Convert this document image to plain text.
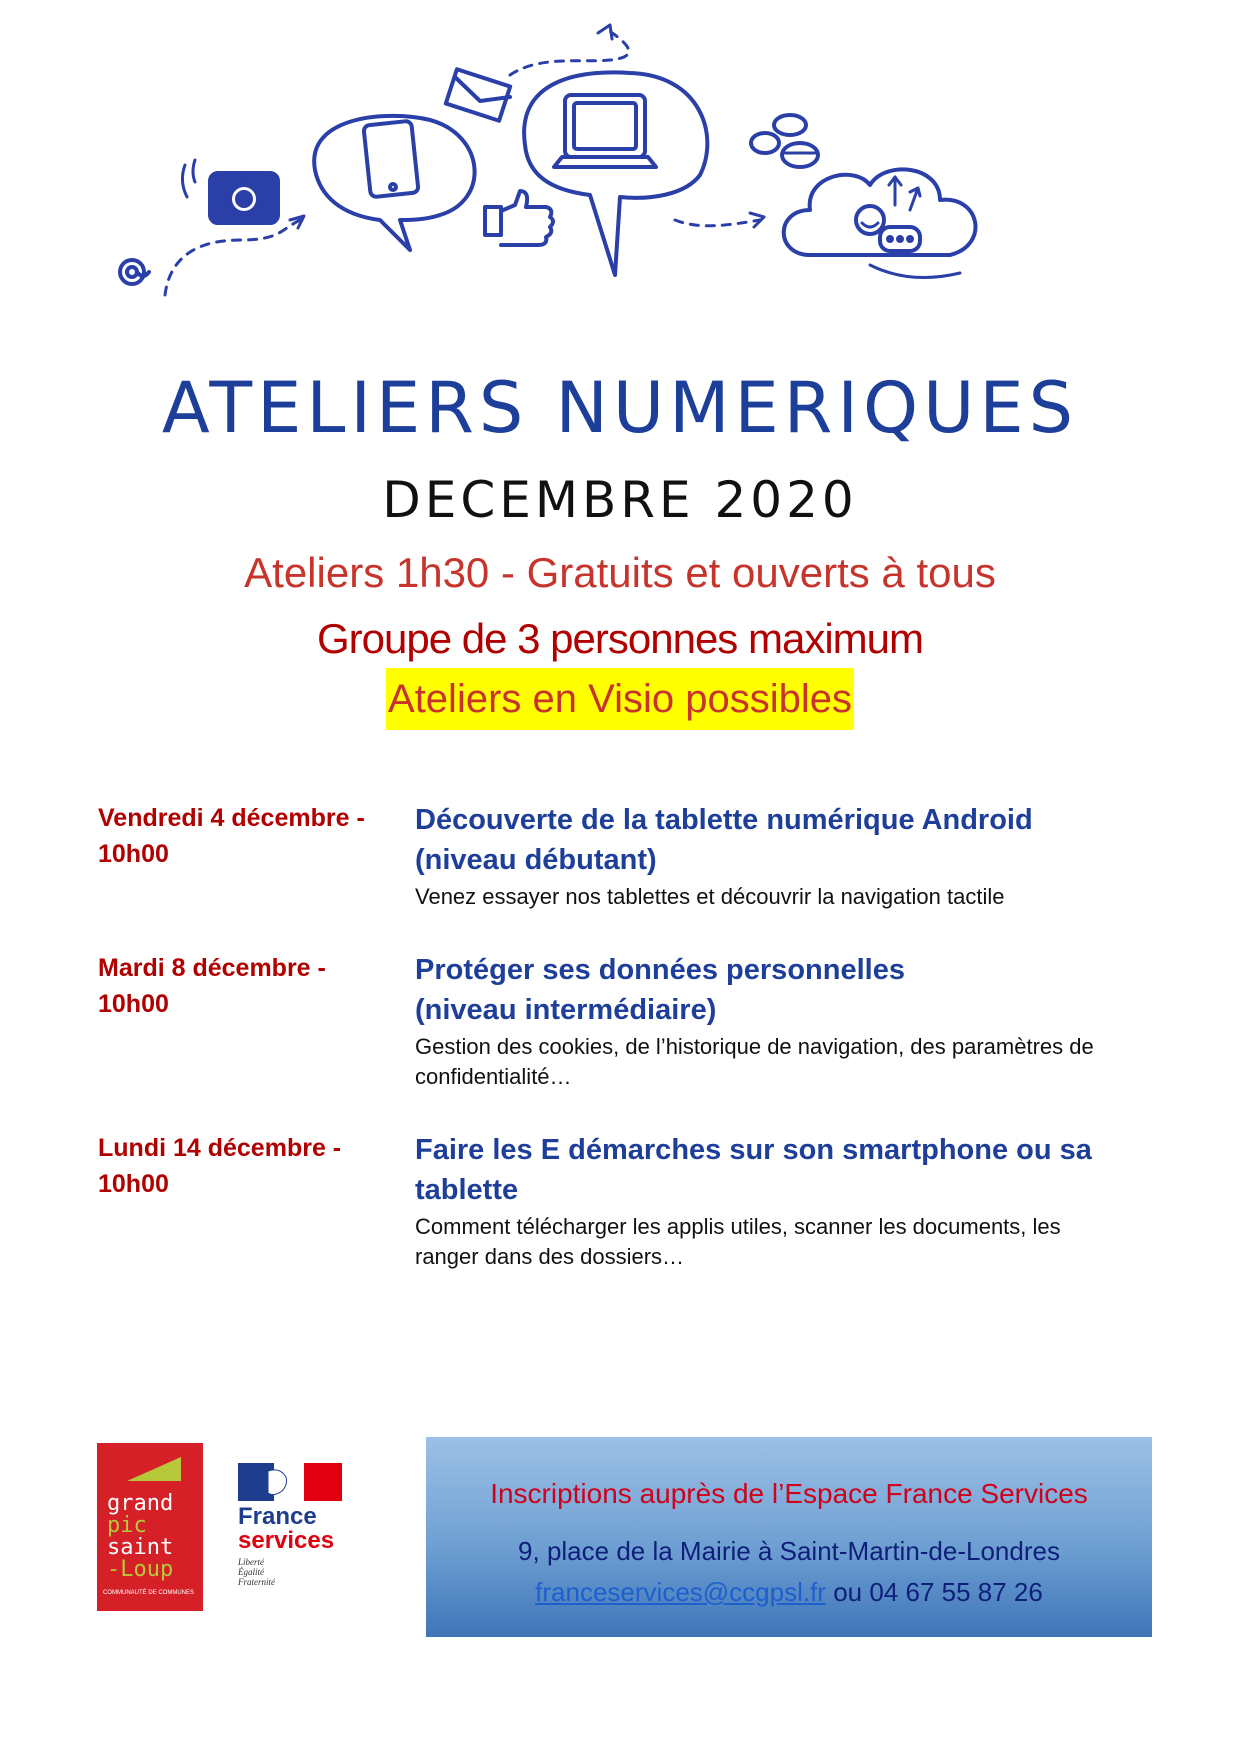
ATELIERS NUMERIQUES
DECEMBRE 2020
Ateliers 1h30 - Gratuits et ouverts à tous
Groupe de 3 personnes maximum
Ateliers en Visio possibles
Vendredi 4 décembre -
10h00
Découverte de la tablette numérique Android
(niveau débutant)
Venez essayer nos tablettes et découvrir la navigation tactile
Mardi 8 décembre -
10h00
Protéger ses données personnelles
(niveau intermédiaire)
Gestion des cookies, de l’historique de navigation, des paramètres de
confidentialité…
Lundi 14 décembre -
10h00
Faire les E démarches sur son smartphone ou sa
tablette
Comment télécharger les applis utiles, scanner les documents, les
ranger dans des dossiers…
grand
pic
saint
-Loup
COMMUNAUTÉ DE COMMUNES
France
services
Liberté
Égalité
Fraternité
Inscriptions auprès de l’Espace France Services
9, place de la Mairie à Saint-Martin-de-Londres
franceservices@ccgpsl.fr ou 04 67 55 87 26
